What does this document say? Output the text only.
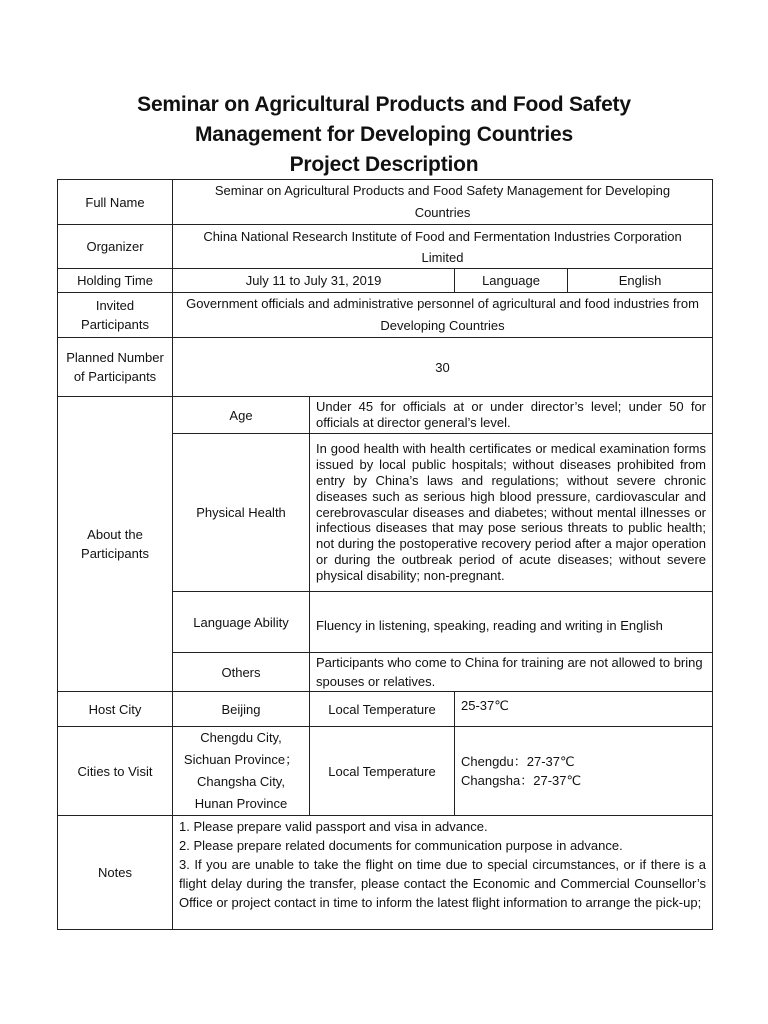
Seminar on Agricultural Products and Food Safety
Management for Developing Countries
Project Description
Full Name	Seminar on Agricultural Products and Food Safety Management for Developing Countries			
Organizer	China National Research Institute of Food and Fermentation Industries Corporation Limited			
Holding Time	July 11 to July 31, 2019		Language	English
Invited Participants	Government officials and administrative personnel of agricultural and food industries from Developing Countries			
Planned Number of Participants	30			
About the Participants	Age	Under 45 for officials at or under director’s level; under 50 for officials at director general’s level.		
	Physical Health	In good health with health certificates or medical examination forms issued by local public hospitals; without diseases prohibited from entry by China’s laws and regulations; without severe chronic diseases such as serious high blood pressure, cardiovascular and cerebrovascular diseases and diabetes; without mental illnesses or infectious diseases that may pose serious threats to public health; not during the postoperative recovery period after a major operation or during the outbreak period of acute diseases; without severe physical disability; non-pregnant.		
	Language Ability	Fluency in listening, speaking, reading and writing in English		
	Others	Participants who come to China for training are not allowed to bring spouses or relatives.		
Host City	Beijing	Local Temperature	25-37℃	
Cities to Visit	Chengdu City, Sichuan Province；Changsha City, Hunan Province	Local Temperature	Chengdu：27-37℃
Changsha：27-37℃	

Notes	1. Please prepare valid passport and visa in advance.
2. Please prepare related documents for communication purpose in advance.
3. If you are unable to take the flight on time due to special circumstances, or if there is a flight delay during the transfer, please contact the Economic and Commercial Counsellor’s Office or project contact in time to inform the latest flight information to arrange the pick-up;			
